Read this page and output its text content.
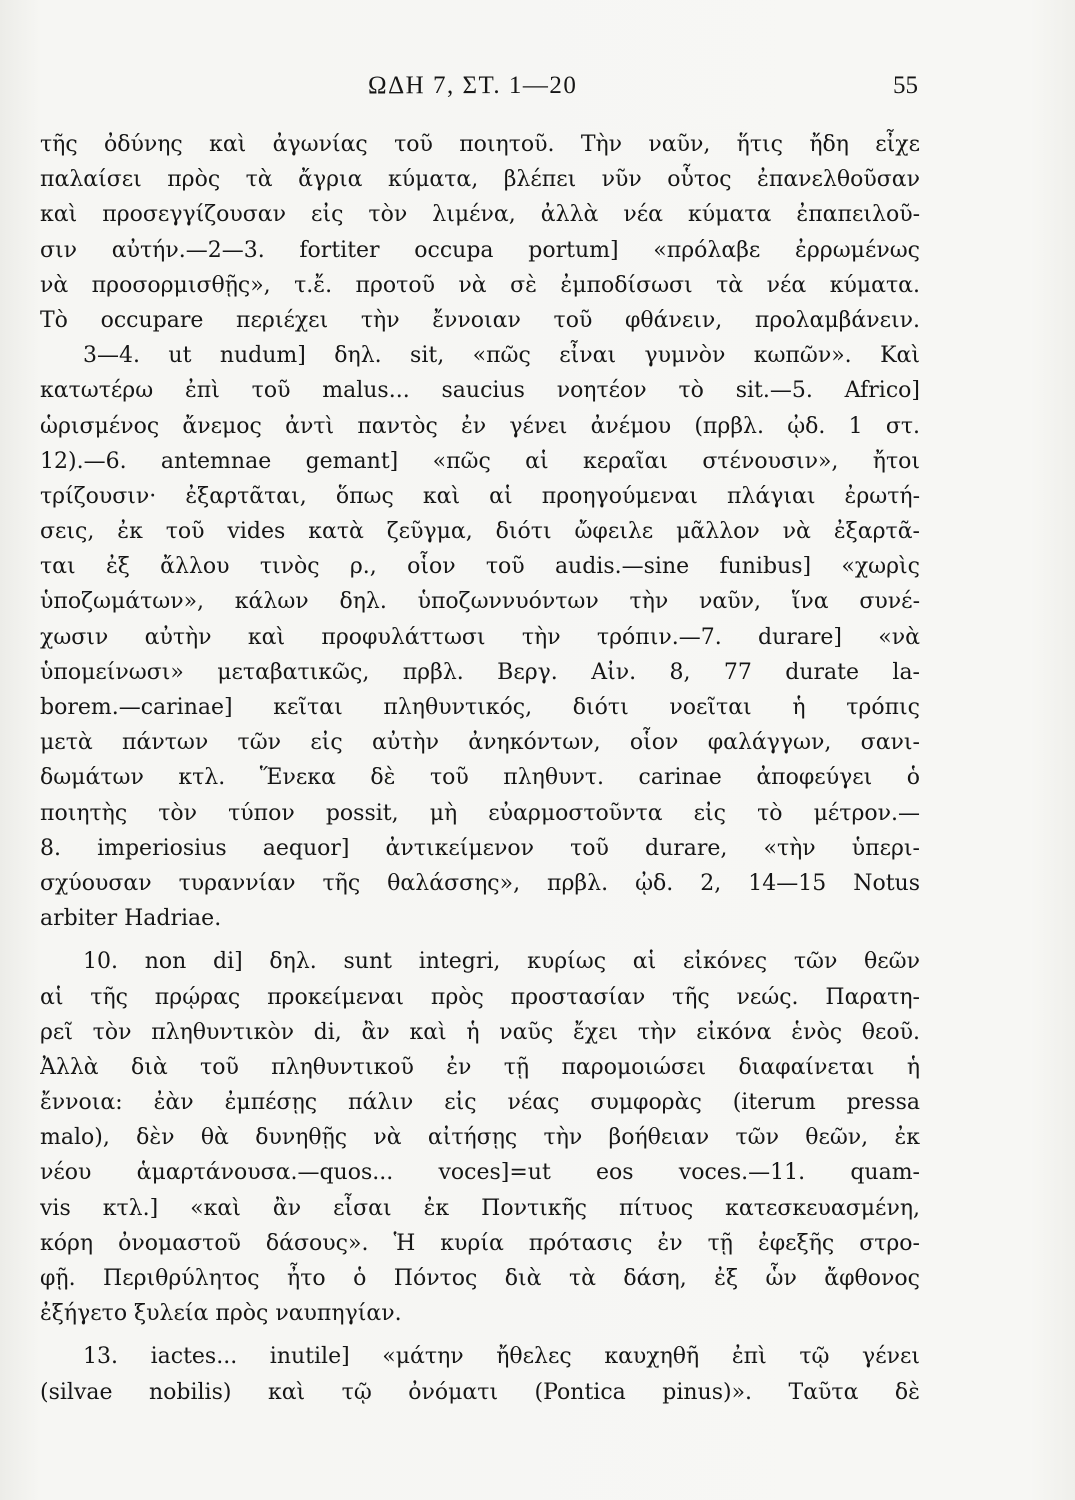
ΩΔΗ 7, ΣΤ. 1—20	55
τῆς ὀδύνης καὶ ἀγωνίας τοῦ ποιητοῦ. Τὴν ναῦν, ἥτις ἤδη εἶχε
παλαίσει πρὸς τὰ ἄγρια κύματα, βλέπει νῦν οὗτος ἐπανελθοῦσαν
καὶ προσεγγίζουσαν εἰς τὸν λιμένα, ἀλλὰ νέα κύματα ἐπαπειλοῦ-
σιν αὐτήν.—2—3. fortiter occupa portum] «πρόλαβε ἐρρωμένως
νὰ προσορμισθῇς», τ.ἔ. προτοῦ νὰ σὲ ἐμποδίσωσι τὰ νέα κύματα.
Τὸ occupare περιέχει τὴν ἔννοιαν τοῦ φθάνειν, προλαμβάνειν.
3—4. ut nudum] δηλ. sit, «πῶς εἶναι γυμνὸν κωπῶν». Καὶ
κατωτέρω ἐπὶ τοῦ malus... saucius νοητέον τὸ sit.—5. Africo]
ὡρισμένος ἄνεμος ἀντὶ παντὸς ἐν γένει ἀνέμου (πρβλ. ᾠδ. 1 στ.
12).—6. antemnae gemant] «πῶς αἱ κεραῖαι στένουσιν», ἤτοι
τρίζουσιν· ἐξαρτᾶται, ὅπως καὶ αἱ προηγούμεναι πλάγιαι ἐρωτή-
σεις, ἐκ τοῦ vides κατὰ ζεῦγμα, διότι ὤφειλε μᾶλλον νὰ ἐξαρτᾶ-
ται ἐξ ἄλλου τινὸς ρ., οἷον τοῦ audis.—sine funibus] «χωρὶς
ὑποζωμάτων», κάλων δηλ. ὑποζωννυόντων τὴν ναῦν, ἵνα συνέ-
χωσιν αὐτὴν καὶ προφυλάττωσι τὴν τρόπιν.—7. durare] «νὰ
ὑπομείνωσι» μεταβατικῶς, πρβλ. Βεργ. Αἰν. 8, 77 durate la-
borem.—carinae] κεῖται πληθυντικός, διότι νοεῖται ἡ τρόπις
μετὰ πάντων τῶν εἰς αὐτὴν ἀνηκόντων, οἷον φαλάγγων, σανι-
δωμάτων κτλ. Ἕνεκα δὲ τοῦ πληθυντ. carinae ἀποφεύγει ὁ
ποιητὴς τὸν τύπον possit, μὴ εὐαρμοστοῦντα εἰς τὸ μέτρον.—
8. imperiosius aequor] ἀντικείμενον τοῦ durare, «τὴν ὑπερι-
σχύουσαν τυραννίαν τῆς θαλάσσης», πρβλ. ᾠδ. 2, 14—15 Notus
arbiter Hadriae.
10. non di] δηλ. sunt integri, κυρίως αἱ εἰκόνες τῶν θεῶν
αἱ τῆς πρῴρας προκείμεναι πρὸς προστασίαν τῆς νεώς. Παρατη-
ρεῖ τὸν πληθυντικὸν di, ἂν καὶ ἡ ναῦς ἔχει τὴν εἰκόνα ἑνὸς θεοῦ.
Ἀλλὰ διὰ τοῦ πληθυντικοῦ ἐν τῇ παρομοιώσει διαφαίνεται ἡ
ἔννοια: ἐὰν ἐμπέσῃς πάλιν εἰς νέας συμφορὰς (iterum pressa
malo), δὲν θὰ δυνηθῇς νὰ αἰτήσῃς τὴν βοήθειαν τῶν θεῶν, ἐκ
νέου ἁμαρτάνουσα.—quos... voces]=ut eos voces.—11. quam-
vis κτλ.] «καὶ ἂν εἶσαι ἐκ Ποντικῆς πίτυος κατεσκευασμένη,
κόρη ὀνομαστοῦ δάσους». Ἡ κυρία πρότασις ἐν τῇ ἐφεξῆς στρο-
φῇ. Περιθρύλητος ἦτο ὁ Πόντος διὰ τὰ δάση, ἐξ ὧν ἄφθονος
ἐξήγετο ξυλεία πρὸς ναυπηγίαν.
13. iactes... inutile] «μάτην ἤθελες καυχηθῆ ἐπὶ τῷ γένει
(silvae nobilis) καὶ τῷ ὀνόματι (Pontica pinus)». Ταῦτα δὲ
